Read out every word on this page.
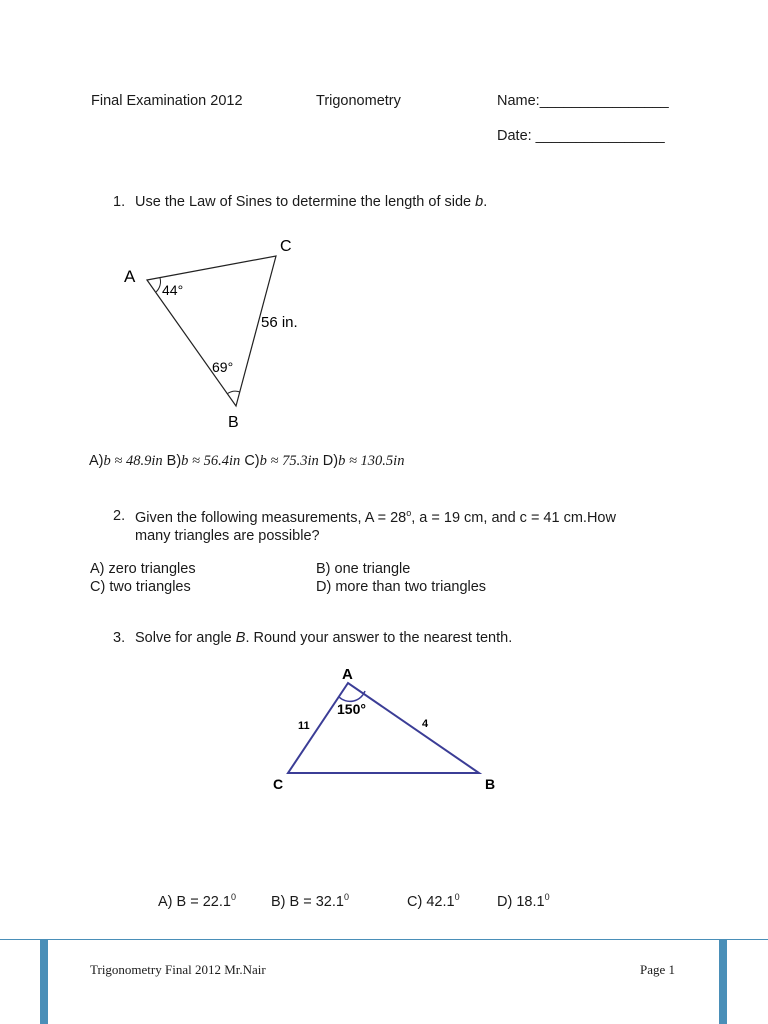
Final Examination 2012	Trigonometry	Name:________________
Date: ________________
1. Use the Law of Sines to determine the length of side b.
A
C
B
44°
69°
56 in.
A)b ≈ 48.9in B)b ≈ 56.4in C)b ≈ 75.3in D)b ≈ 130.5in
2. Given the following measurements, $A = 28^o$, a = 19 cm, and c = 41 cm.How
many triangles are possible?
A) zero triangles	B) one triangle
C) two triangles	D) more than two triangles
3. Solve for angle B. Round your answer to the nearest tenth.
A
C	B
150°
11	4
A) $B = 22.1^0$ B) $B = 32.1^0$	C) 42.1$^0$	D) 18.1$^0$
Trigonometry Final 2012 Mr.Nair	Page 1
